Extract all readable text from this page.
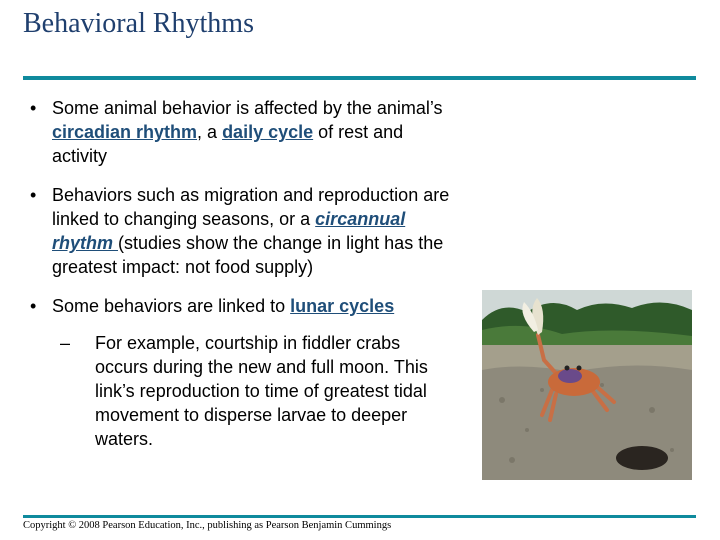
Behavioral Rhythms
• Some animal behavior is affected by the animal’s circadian rhythm, a daily cycle of rest and activity
• Behaviors such as migration and reproduction are linked to changing seasons, or a circannual rhythm (studies show the change in light has the greatest impact: not food supply)
• Some behaviors are linked to lunar cycles
– For example, courtship in fiddler crabs occurs during the new and full moon. This link’s reproduction to time of greatest tidal movement to disperse larvae to deeper waters.
Copyright © 2008 Pearson Education, Inc., publishing as Pearson Benjamin Cummings
